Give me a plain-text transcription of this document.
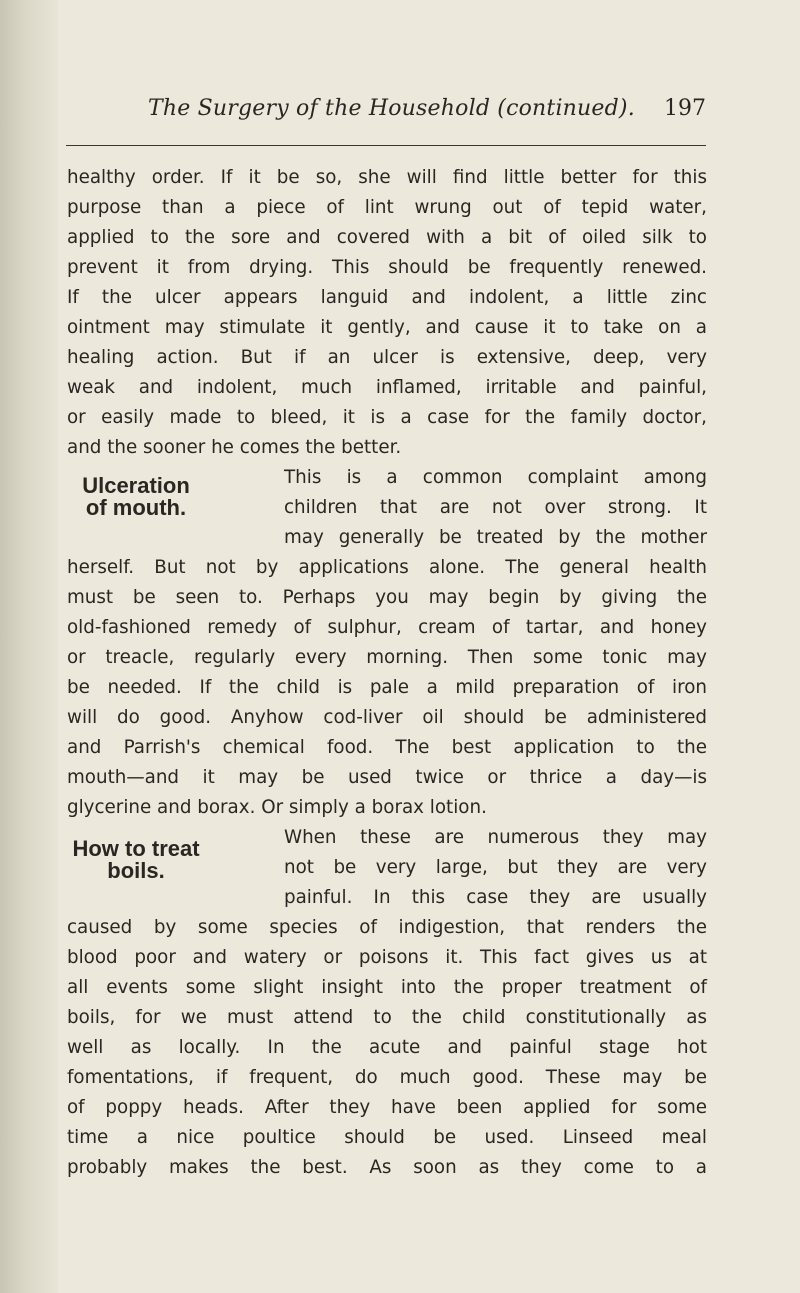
The Surgery of the Household (continued). 197
healthy order. If it be so, she will find little better for this
purpose than a piece of lint wrung out of tepid water,
applied to the sore and covered with a bit of oiled silk to
prevent it from drying. This should be frequently renewed.
If the ulcer appears languid and indolent, a little zinc
ointment may stimulate it gently, and cause it to take on a
healing action. But if an ulcer is extensive, deep, very
weak and indolent, much inflamed, irritable and painful,
or easily made to bleed, it is a case for the family doctor,
and the sooner he comes the better.
This is a common complaint among
children that are not over strong. It
may generally be treated by the mother
herself. But not by applications alone. The general health
must be seen to. Perhaps you may begin by giving the
old-fashioned remedy of sulphur, cream of tartar, and honey
or treacle, regularly every morning. Then some tonic may
be needed. If the child is pale a mild preparation of iron
will do good. Anyhow cod-liver oil should be administered
and Parrish's chemical food. The best application to the
mouth—and it may be used twice or thrice a day—is
glycerine and borax. Or simply a borax lotion.
When these are numerous they may
not be very large, but they are very
painful. In this case they are usually
caused by some species of indigestion, that renders the
blood poor and watery or poisons it. This fact gives us at
all events some slight insight into the proper treatment of
boils, for we must attend to the child constitutionally as
well as locally. In the acute and painful stage hot
fomentations, if frequent, do much good. These may be
of poppy heads. After they have been applied for some
time a nice poultice should be used. Linseed meal
probably makes the best. As soon as they come to a
Ulceration
of mouth.
How to treat
boils.
